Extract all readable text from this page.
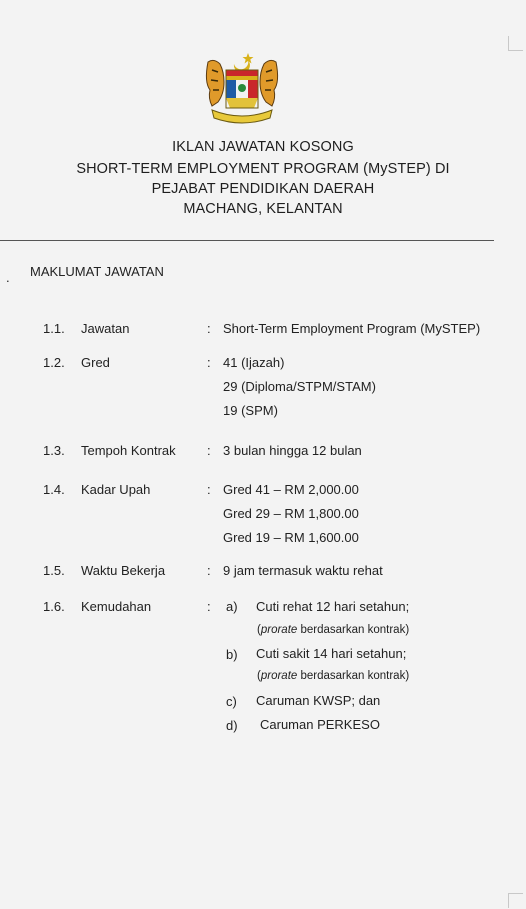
IKLAN JAWATAN KOSONG
SHORT-TERM EMPLOYMENT PROGRAM (MySTEP) DI
PEJABAT PENDIDIKAN DAERAH
MACHANG, KELANTAN
. MAKLUMAT JAWATAN
1.1. Jawatan	: Short-Term Employment Program (MySTEP)
1.2. Gred	: 41 (Ijazah)
29 (Diploma/STPM/STAM)
19 (SPM)
1.3. Tempoh Kontrak : 3 bulan hingga 12 bulan
1.4. Kadar Upah	: Gred 41 – RM 2,000.00
Gred 29 – RM 1,800.00
Gred 19 – RM 1,600.00
1.5. Waktu Bekerja	: 9 jam termasuk waktu rehat
1.6. Kemudahan	: a) Cuti rehat 12 hari setahun;
(prorate berdasarkan kontrak)
b) Cuti sakit 14 hari setahun;
(prorate berdasarkan kontrak)
c) Caruman KWSP; dan
d) Caruman PERKESO
